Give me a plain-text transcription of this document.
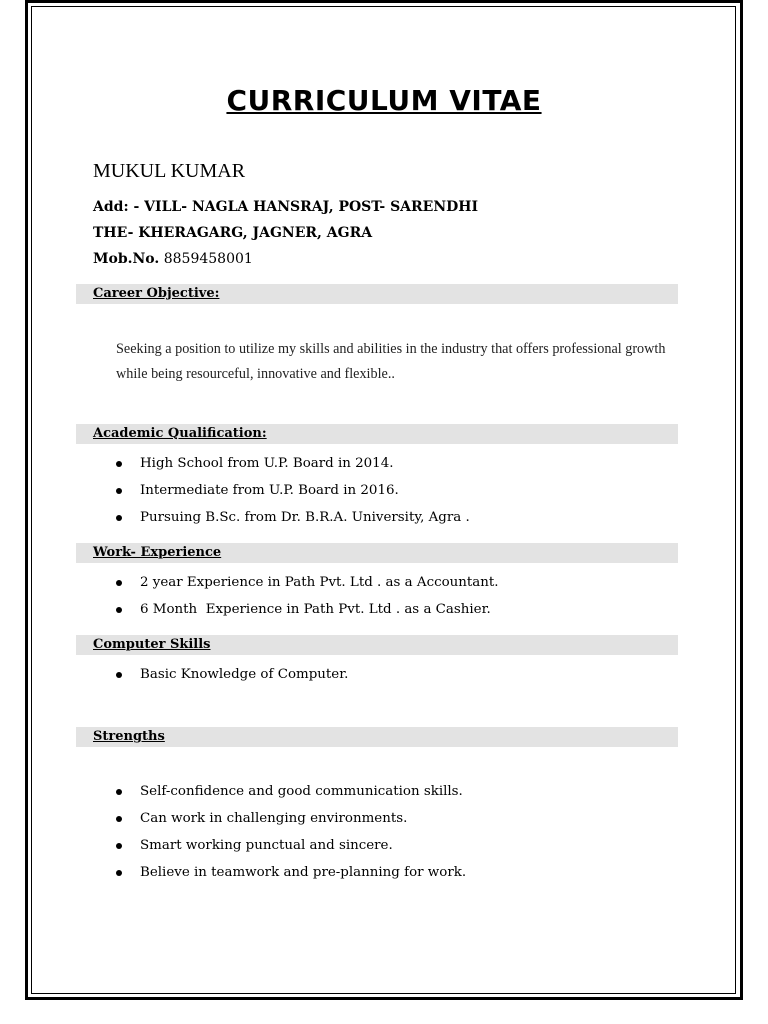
CURRICULUM VITAE
MUKUL KUMAR
Add: - VILL- NAGLA HANSRAJ, POST- SARENDHI
THE- KHERAGARG, JAGNER, AGRA
Mob.No. 8859458001
Career Objective:
Seeking a position to utilize my skills and abilities in the industry that offers professional growth while being resourceful, innovative and flexible..
Academic Qualification:
High School from U.P. Board in 2014.
Intermediate from U.P. Board in 2016.
Pursuing B.Sc. from Dr. B.R.A. University, Agra .
Work- Experience
2 year Experience in Path Pvt. Ltd . as a Accountant.
6 Month  Experience in Path Pvt. Ltd . as a Cashier.
Computer Skills
Basic Knowledge of Computer.
Strengths
Self-confidence and good communication skills.
Can work in challenging environments.
Smart working punctual and sincere.
Believe in teamwork and pre-planning for work.
